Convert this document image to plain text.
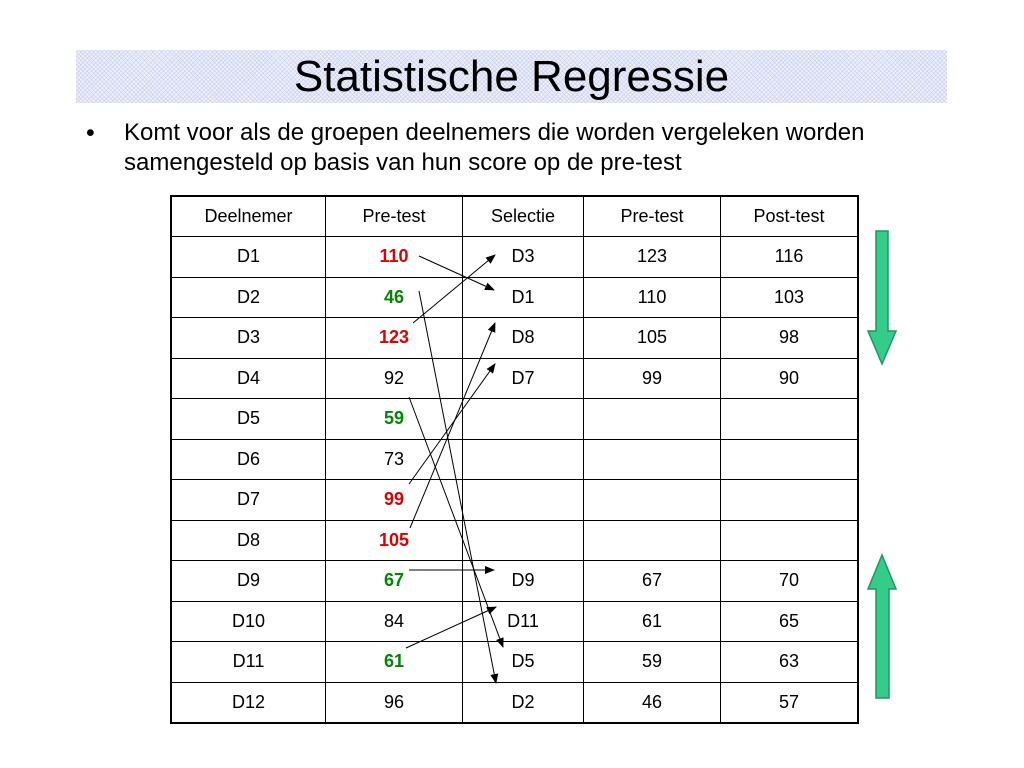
Statistische Regressie
• Komt voor als de groepen deelnemers die worden vergeleken worden samengesteld op basis van hun score op de pre-test
Deelnemer	Pre-test	Selectie	Pre-test	Post-test
D1	110	D3	123	116
D2	46	D1	110	103
D3	123	D8	105	98
D4	92	D7	99	90
D5	59			
D6	73			
D7	99			
D8	105			
D9	67	D9	67	70
D10	84	D11	61	65
D11	61	D5	59	63
D12	96	D2	46	57
